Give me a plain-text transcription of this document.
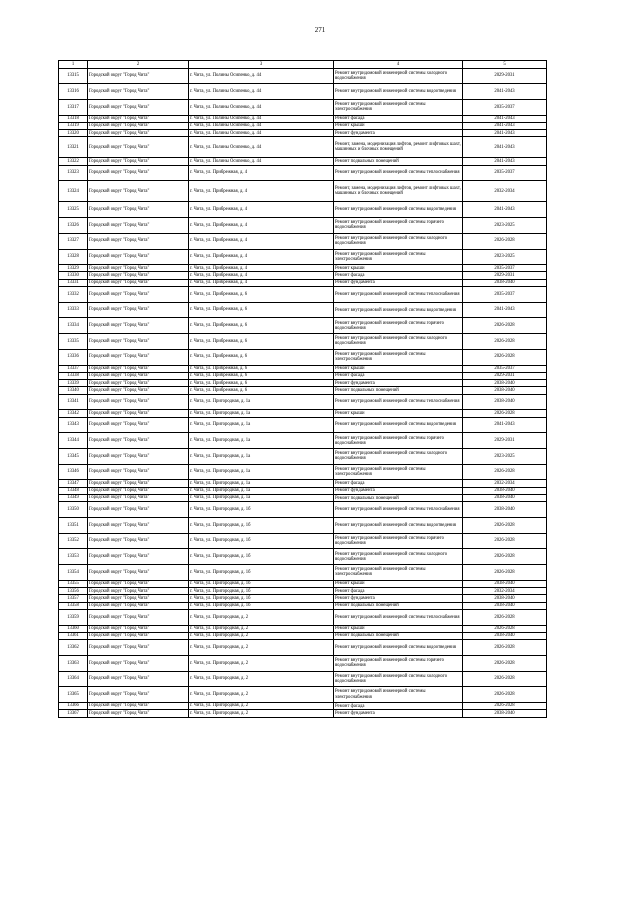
271
1	2	3	4	5
13315	Городской округ "Город Чита"	г. Чита, ул. Полины Осипенко, д. 44	Ремонт внутридомовой инженерной системы холодного водоснабжения	2029-2031
13316	Городской округ "Город Чита"	г. Чита, ул. Полины Осипенко, д. 44	Ремонт внутридомовой инженерной системы водоотведения	2041-2043
13317	Городской округ "Город Чита"	г. Чита, ул. Полины Осипенко, д. 44	Ремонт внутридомовой инженерной системы электроснабжения	2035-2037
13318	Городской округ "Город Чита"	г. Чита, ул. Полины Осипенко, д. 44	Ремонт фасада	2041-2043
13319	Городской округ "Город Чита"	г. Чита, ул. Полины Осипенко, д. 44	Ремонт крыши	2041-2043
13320	Городской округ "Город Чита"	г. Чита, ул. Полины Осипенко, д. 44	Ремонт фундамента	2041-2043
13321	Городской округ "Город Чита"	г. Чита, ул. Полины Осипенко, д. 44	Ремонт, замена, модернизация лифтов, ремонт лифтовых шахт, машинных и блочных помещений	2041-2043
13322	Городской округ "Город Чита"	г. Чита, ул. Полины Осипенко, д. 44	Ремонт подвальных помещений	2041-2043
13323	Городской округ "Город Чита"	г. Чита, ул. Прибрежная, д. 4	Ремонт внутридомовой инженерной системы теплоснабжения	2035-2037
13324	Городской округ "Город Чита"	г. Чита, ул. Прибрежная, д. 4	Ремонт, замена, модернизация лифтов, ремонт лифтовых шахт, машинных и блочных помещений	2032-2034
13325	Городской округ "Город Чита"	г. Чита, ул. Прибрежная, д. 4	Ремонт внутридомовой инженерной системы водоотведения	2041-2043
13326	Городской округ "Город Чита"	г. Чита, ул. Прибрежная, д. 4	Ремонт внутридомовой инженерной системы горячего водоснабжения	2023-2025
13327	Городской округ "Город Чита"	г. Чита, ул. Прибрежная, д. 4	Ремонт внутридомовой инженерной системы холодного водоснабжения	2026-2028
13328	Городской округ "Город Чита"	г. Чита, ул. Прибрежная, д. 4	Ремонт внутридомовой инженерной системы электроснабжения	2023-2025
13329	Городской округ "Город Чита"	г. Чита, ул. Прибрежная, д. 4	Ремонт крыши	2035-2037
13330	Городской округ "Город Чита"	г. Чита, ул. Прибрежная, д. 4	Ремонт фасада	2029-2031
13331	Городской округ "Город Чита"	г. Чита, ул. Прибрежная, д. 4	Ремонт фундамента	2038-2040
13332	Городской округ "Город Чита"	г. Чита, ул. Прибрежная, д. 6	Ремонт внутридомовой инженерной системы теплоснабжения	2035-2037
13333	Городской округ "Город Чита"	г. Чита, ул. Прибрежная, д. 6	Ремонт внутридомовой инженерной системы водоотведения	2041-2043
13334	Городской округ "Город Чита"	г. Чита, ул. Прибрежная, д. 6	Ремонт внутридомовой инженерной системы горячего водоснабжения	2026-2028
13335	Городской округ "Город Чита"	г. Чита, ул. Прибрежная, д. 6	Ремонт внутридомовой инженерной системы холодного водоснабжения	2026-2028
13336	Городской округ "Город Чита"	г. Чита, ул. Прибрежная, д. 6	Ремонт внутридомовой инженерной системы электроснабжения	2026-2028
13337	Городской округ "Город Чита"	г. Чита, ул. Прибрежная, д. 6	Ремонт крыши	2035-2037
13338	Городской округ "Город Чита"	г. Чита, ул. Прибрежная, д. 6	Ремонт фасада	2029-2031
13339	Городской округ "Город Чита"	г. Чита, ул. Прибрежная, д. 6	Ремонт фундамента	2038-2040
13340	Городской округ "Город Чита"	г. Чита, ул. Прибрежная, д. 6	Ремонт подвальных помещений	2038-2040
13341	Городской округ "Город Чита"	г. Чита, ул. Пригородная, д. 1а	Ремонт внутридомовой инженерной системы теплоснабжения	2038-2040
13342	Городской округ "Город Чита"	г. Чита, ул. Пригородная, д. 1а	Ремонт крыши	2026-2028
13343	Городской округ "Город Чита"	г. Чита, ул. Пригородная, д. 1а	Ремонт внутридомовой инженерной системы водоотведения	2041-2043
13344	Городской округ "Город Чита"	г. Чита, ул. Пригородная, д. 1а	Ремонт внутридомовой инженерной системы горячего водоснабжения	2029-2031
13345	Городской округ "Город Чита"	г. Чита, ул. Пригородная, д. 1а	Ремонт внутридомовой инженерной системы холодного водоснабжения	2023-2025
13346	Городской округ "Город Чита"	г. Чита, ул. Пригородная, д. 1а	Ремонт внутридомовой инженерной системы электроснабжения	2026-2028
13347	Городской округ "Город Чита"	г. Чита, ул. Пригородная, д. 1а	Ремонт фасада	2032-2034
13348	Городской округ "Город Чита"	г. Чита, ул. Пригородная, д. 1а	Ремонт фундамента	2038-2040
13349	Городской округ "Город Чита"	г. Чита, ул. Пригородная, д. 1а	Ремонт подвальных помещений	2038-2040
13350	Городской округ "Город Чита"	г. Чита, ул. Пригородная, д. 1б	Ремонт внутридомовой инженерной системы теплоснабжения	2038-2040
13351	Городской округ "Город Чита"	г. Чита, ул. Пригородная, д. 1б	Ремонт внутридомовой инженерной системы водоотведения	2026-2028
13352	Городской округ "Город Чита"	г. Чита, ул. Пригородная, д. 1б	Ремонт внутридомовой инженерной системы горячего водоснабжения	2026-2028
13353	Городской округ "Город Чита"	г. Чита, ул. Пригородная, д. 1б	Ремонт внутридомовой инженерной системы холодного водоснабжения	2026-2028
13354	Городской округ "Город Чита"	г. Чита, ул. Пригородная, д. 1б	Ремонт внутридомовой инженерной системы электроснабжения	2026-2028
13355	Городской округ "Город Чита"	г. Чита, ул. Пригородная, д. 1б	Ремонт крыши	2038-2040
13356	Городской округ "Город Чита"	г. Чита, ул. Пригородная, д. 1б	Ремонт фасада	2032-2034
13357	Городской округ "Город Чита"	г. Чита, ул. Пригородная, д. 1б	Ремонт фундамента	2038-2040
13358	Городской округ "Город Чита"	г. Чита, ул. Пригородная, д. 1б	Ремонт подвальных помещений	2038-2040
13359	Городской округ "Город Чита"	г. Чита, ул. Пригородная, д. 2	Ремонт внутридомовой инженерной системы теплоснабжения	2026-2028
13360	Городской округ "Город Чита"	г. Чита, ул. Пригородная, д. 2	Ремонт крыши	2026-2028
13361	Городской округ "Город Чита"	г. Чита, ул. Пригородная, д. 2	Ремонт подвальных помещений	2038-2040
13362	Городской округ "Город Чита"	г. Чита, ул. Пригородная, д. 2	Ремонт внутридомовой инженерной системы водоотведения	2026-2028
13363	Городской округ "Город Чита"	г. Чита, ул. Пригородная, д. 2	Ремонт внутридомовой инженерной системы горячего водоснабжения	2026-2028
13364	Городской округ "Город Чита"	г. Чита, ул. Пригородная, д. 2	Ремонт внутридомовой инженерной системы холодного водоснабжения	2026-2028
13365	Городской округ "Город Чита"	г. Чита, ул. Пригородная, д. 2	Ремонт внутридомовой инженерной системы электроснабжения	2026-2028
13366	Городской округ "Город Чита"	г. Чита, ул. Пригородная, д. 2	Ремонт фасада	2026-2028
13367	Городской округ "Город Чита"	г. Чита, ул. Пригородная, д. 2	Ремонт фундамента	2038-2040
